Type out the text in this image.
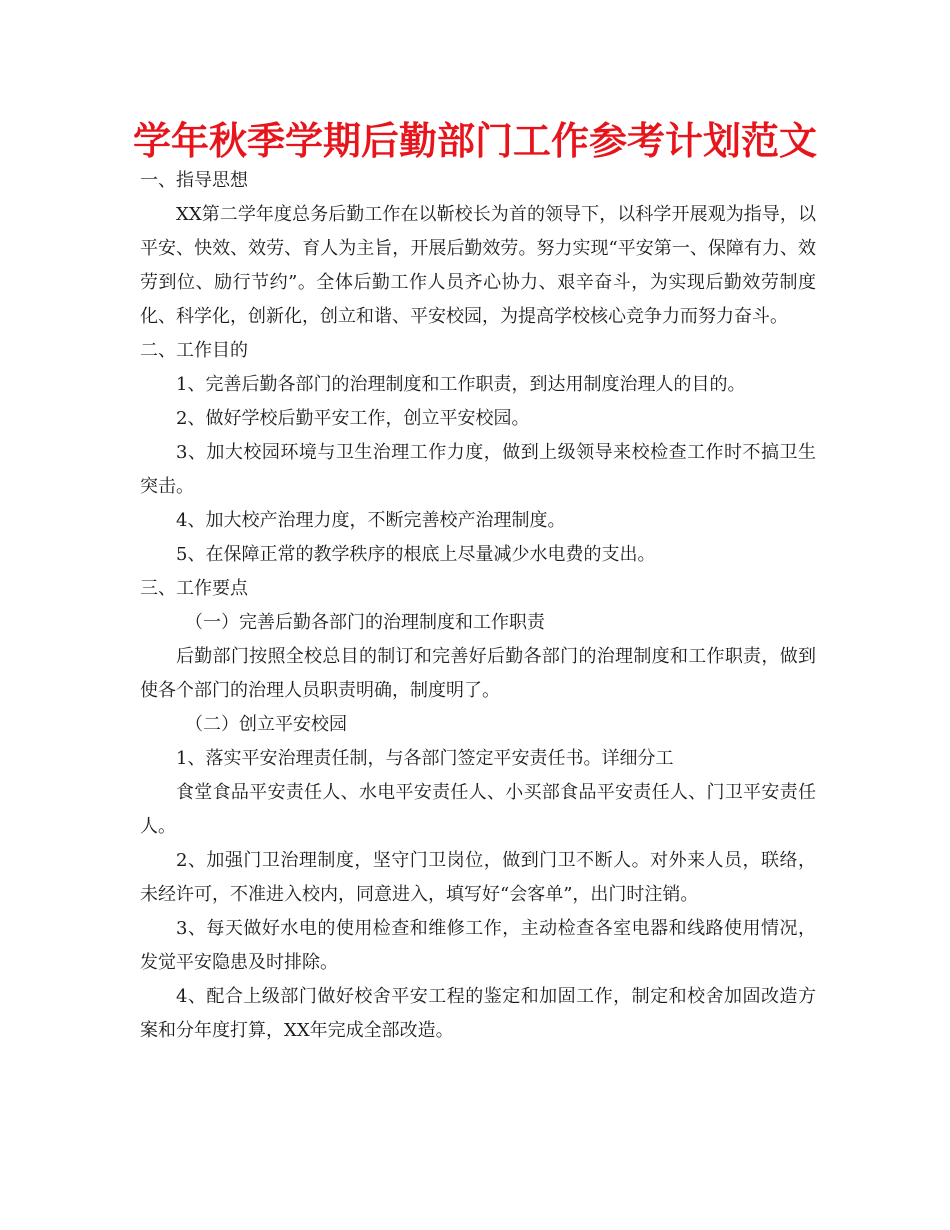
学年秋季学期后勤部门工作参考计划范文

一、指导思想

XX第二学年度总务后勤工作在以靳校长为首的领导下，以科学开展观为指导，以平安、快效、效劳、育人为主旨，开展后勤效劳。努力实现“平安第一、保障有力、效劳到位、励行节约”。全体后勤工作人员齐心协力、艰辛奋斗，为实现后勤效劳制度化、科学化，创新化，创立和谐、平安校园，为提高学校核心竞争力而努力奋斗。

二、工作目的

1、完善后勤各部门的治理制度和工作职责，到达用制度治理人的目的。

2、做好学校后勤平安工作，创立平安校园。

3、加大校园环境与卫生治理工作力度，做到上级领导来校检查工作时不搞卫生突击。

4、加大校产治理力度，不断完善校产治理制度。

5、在保障正常的教学秩序的根底上尽量减少水电费的支出。

三、工作要点

（一）完善后勤各部门的治理制度和工作职责

后勤部门按照全校总目的制订和完善好后勤各部门的治理制度和工作职责，做到使各个部门的治理人员职责明确，制度明了。

（二）创立平安校园

1、落实平安治理责任制，与各部门签定平安责任书。详细分工

食堂食品平安责任人、水电平安责任人、小买部食品平安责任人、门卫平安责任人。

2、加强门卫治理制度，坚守门卫岗位，做到门卫不断人。对外来人员，联络，未经许可，不准进入校内，同意进入，填写好“会客单”，出门时注销。

3、每天做好水电的使用检查和维修工作，主动检查各室电器和线路使用情况，发觉平安隐患及时排除。

4、配合上级部门做好校舍平安工程的鉴定和加固工作，制定和校舍加固改造方案和分年度打算，XX年完成全部改造。
